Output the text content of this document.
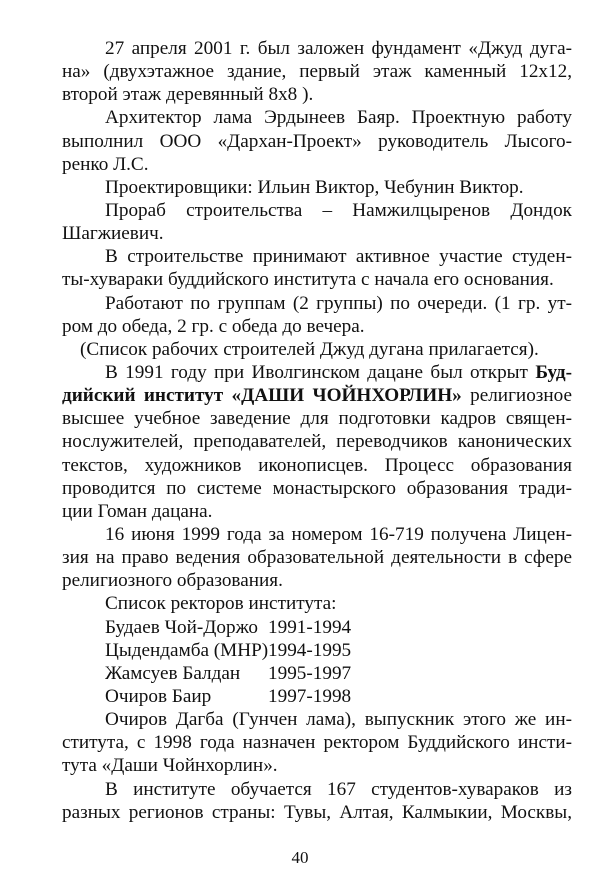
27 апреля 2001 г. был заложен фундамент «Джуд дуга-
на» (двухэтажное здание, первый этаж каменный 12х12,
второй этаж деревянный 8х8 ).
Архитектор лама Эрдынеев Баяр. Проектную работу
выполнил ООО «Дархан-Проект» руководитель Лысого-
ренко Л.С.
Проектировщики: Ильин Виктор, Чебунин Виктор.
Прораб строительства – Намжилцыренов Дондок
Шагжиевич.
В строительстве принимают активное участие студен-
ты-хувараки буддийского института с начала его основания.
Работают по группам (2 группы) по очереди. (1 гр. ут-
ром до обеда, 2 гр. с обеда до вечера.
(Список рабочих строителей Джуд дугана прилагается).
В 1991 году при Иволгинском дацане был открыт Буд-
дийский институт «ДАШИ ЧОЙНХОРЛИН» религиозное
высшее учебное заведение для подготовки кадров священ-
нослужителей, преподавателей, переводчиков канонических
текстов, художников иконописцев. Процесс образования
проводится по системе монастырского образования тради-
ции Гоман дацана.
16 июня 1999 года за номером 16-719 получена Лицен-
зия на право ведения образовательной деятельности в сфере
религиозного образования.
Список ректоров института:
Будаев Чой-Доржо 1991-1994
Цыдендамба (МНР) 1994-1995
Жамсуев Балдан	1995-1997
Очиров Баир	1997-1998
Очиров Дагба (Гунчен лама), выпускник этого же ин-
ститута, с 1998 года назначен ректором Буддийского инсти-
тута «Даши Чойнхорлин».
В институте обучается 167 студентов-хувараков из
разных регионов страны: Тувы, Алтая, Калмыкии, Москвы,
40
